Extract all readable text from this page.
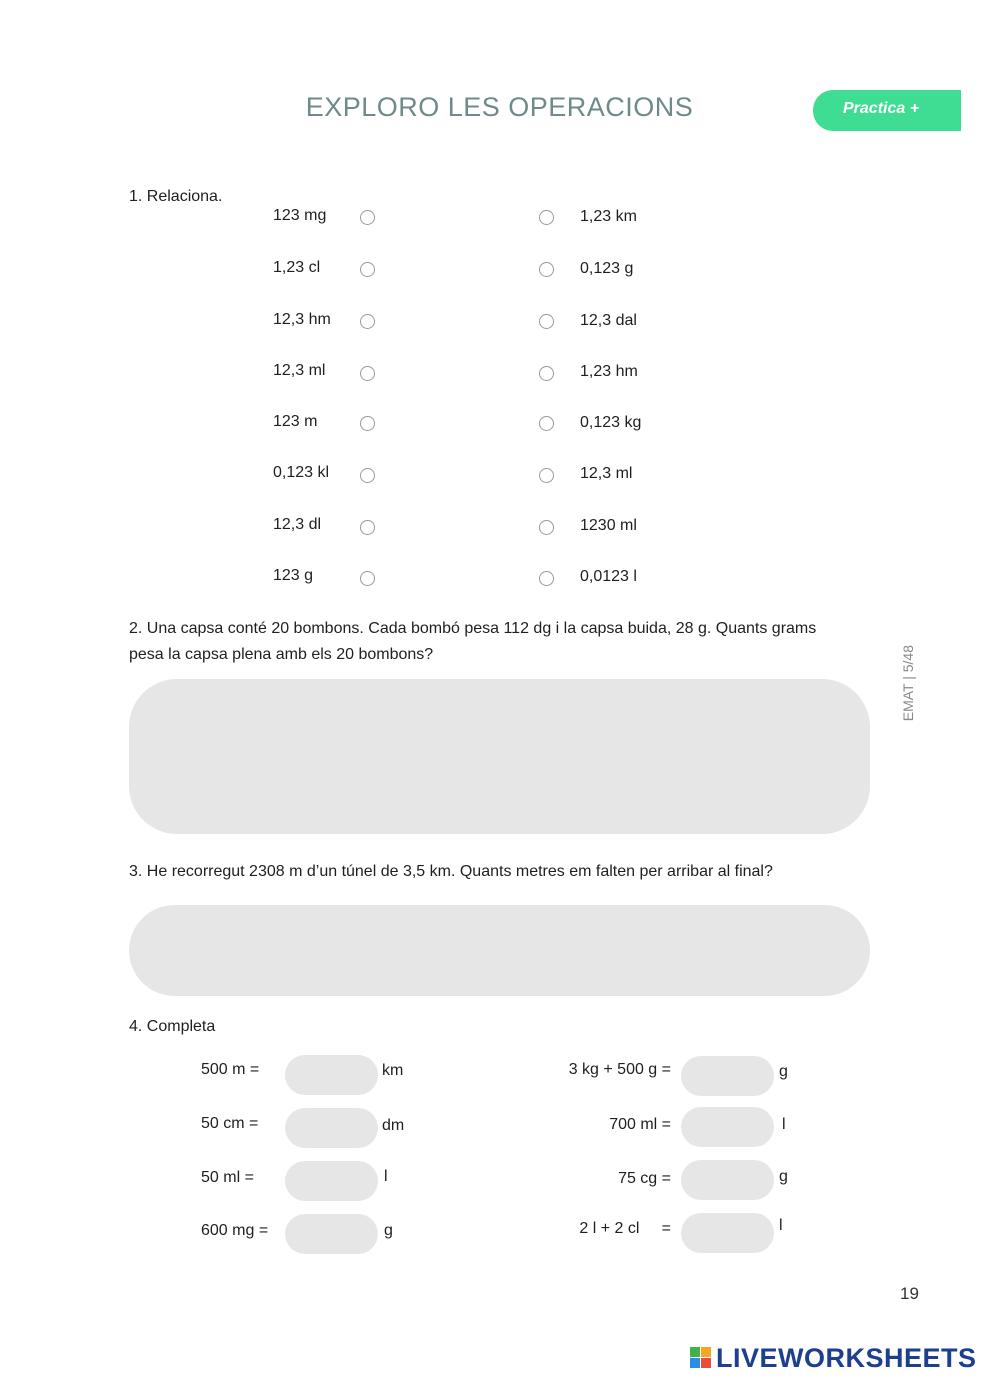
EXPLORO LES OPERACIONS	Practica +
1. Relaciona.
123 mg	1,23 km
1,23 cl	0,123 g
12,3 hm	12,3 dal
12,3 ml	1,23 hm
123 m	0,123 kg
0,123 kl	12,3 ml
12,3 dl	1230 ml
123 g	0,0123 l
2. Una capsa conté 20 bombons. Cada bombó pesa 112 dg i la capsa buida, 28 g. Quants grams
pesa la capsa plena amb els 20 bombons?
3. He recorregut 2308 m d’un túnel de 3,5 km. Quants metres em falten per arribar al final?
4. Completa
500 m =	km
50 cm =	dm
50 ml =	l
600 mg =	g
3 kg + 500 g =	g
700 ml =	l
75 cg =	g
2 l + 2 cl     =	l
EMAT | 5/48
19
LIVEWORKSHEETS
